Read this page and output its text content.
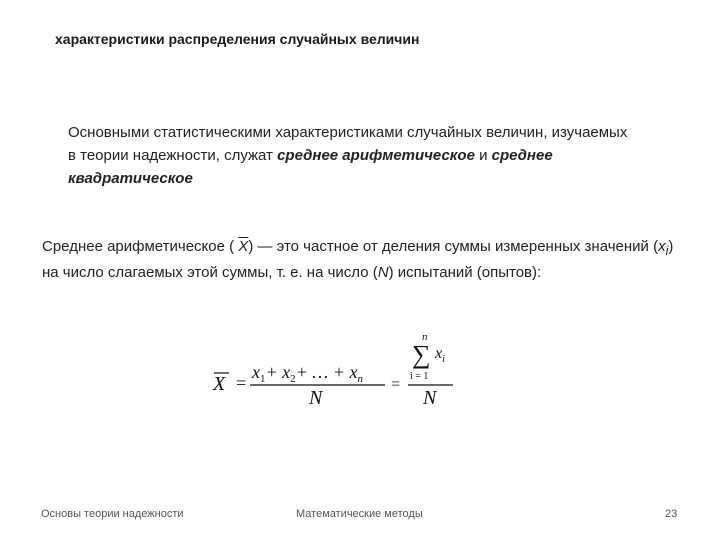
характеристики распределения случайных величин
Основными статистическими характеристиками случайных величин, изучаемых в теории надежности, служат среднее арифметическое и среднее квадратическое
Среднее арифметическое ( $\overline{X}$) — это частное от деления суммы измеренных значений $(x_i)$ на число слагаемых этой суммы, т. е. на число (N) испытаний (опытов):
X =
$x_1+ x_2+$ … + $x_n$
N
=
n
∑ $x_i$
i = 1
N
Основы теории надежности	Математические методы	23
